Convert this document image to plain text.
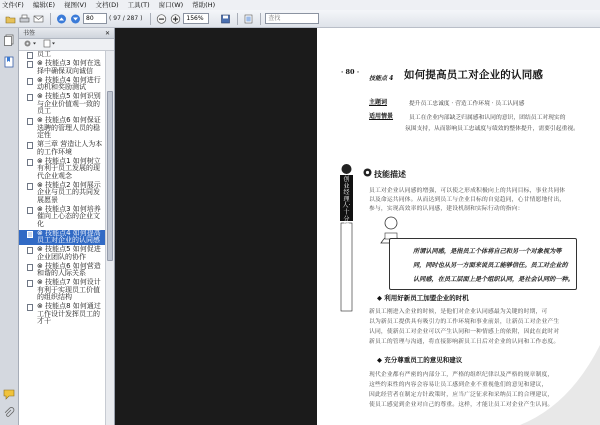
文件(F) 编辑(E) 视图(V) 文档(D) 工具(T) 窗口(W) 帮助(H)
80	( 97 / 287 )	156%	查找
书签	✕
员工
⊗ 技能点3 如何在选择中确保双向诚信
⊗ 技能点4 如何进行动机和奖励测试
⊗ 技能点5 如何识别与企业价值观一致的员工
⊗ 技能点6 如何保证选聘的管理人员的稳定性
第三章 营造让人为本的工作环境
⊗ 技能点1 如何树立有利于员工发展的现代企业观念
⊗ 技能点2 如何展示企业与员工的共同发展愿景
⊗ 技能点3 如何培养催向上心态的企业文化
⊗ 技能点4 如何提高员工对企业的认同感
⊗ 技能点5 如何促进企业团队的协作
⊗ 技能点6 如何营造和谐的人际关系
⊗ 技能点7 如何设计有利于实现员工价值的组织结构
⊗ 技能点8 如何通过工作设计发挥员工的才干
· 80 ·
技能点 4 如何提高员工对企业的认同感
主题词	提升员工忠诚度 · 营造工作环境 · 员工认同感
适用情景	员工在企业内部缺乏归属感和认同的意识，团结员工对现实的
氛围支持，从而影响员工忠诚度与绩效的整体提升，需要引起重视。
创业经理人·十分钟学会
技能描述
员工对企业认同感的增强，可以使之形成积极向上的共同目标，事业共同体
以及命运共同体。从而达到员工与企业目标的自觉趋同，心甘情愿地付出，
参与，实现高效率的认同感，建设机制和实际行动的指向：
所谓认同感，是指员工个体将自己和另一个对象视为等
同，同时也从另一方面来说员工能够信任。员工对企业的
认同感，在员工层面上是个组织认同，是社会认同的一种。
◆ 利用好新员工加盟企业的时机
新员工刚进入企业的时候，是他们对企业认同感最为关键的时期，可
以为新员工提供具有吸引力的工作环境和事业前景，让新员工对企业产生
认同，使新员工对企业可以产生认同和一种情感上的依附，因此在此时对
新员工的管理与沟通，将直接影响新员工日后对企业的认同和工作态度。
◆ 充分尊重员工的意见和建议
现代企业都有严密的内部分工，严格的组织纪律以及严格的规章制度，
这些约束性的内容会容易让员工感到企业不重视他们的意见和建议，
因此经营者在制定方针政策时，应当广泛征求和采纳员工的合理建议，
使员工感觉到企业对自己的尊重。这样，才能让员工对企业产生认同。
